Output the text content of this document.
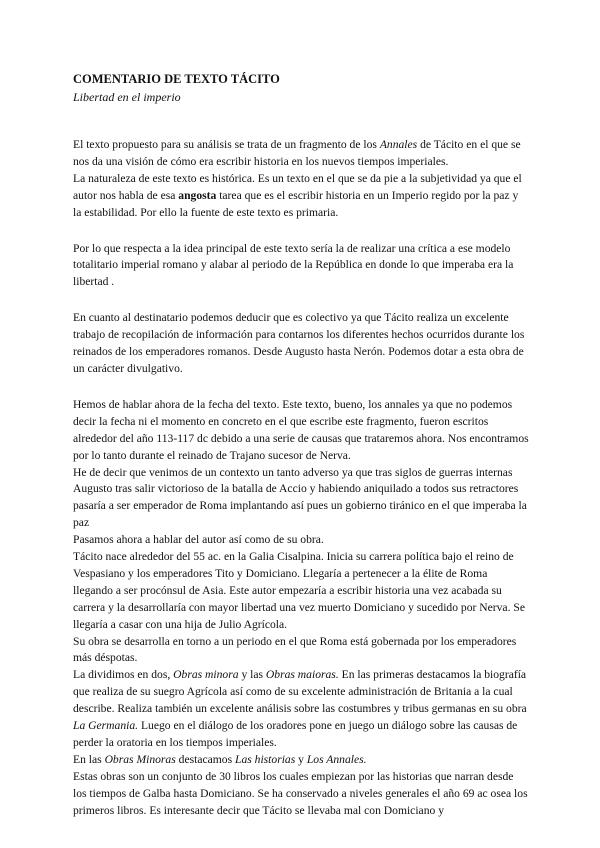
COMENTARIO DE TEXTO TÁCITO

Libertad en el imperio

El texto propuesto para su análisis se trata de un fragmento de los Annales de Tácito en el que se nos da una visión de cómo era escribir historia en los nuevos tiempos imperiales.

La naturaleza de este texto es histórica. Es un texto en el que se da pie a la subjetividad ya que el autor nos habla de esa angosta tarea que es el escribir historia en un Imperio regido por la paz y la estabilidad. Por ello la fuente de este texto es primaria.

Por lo que respecta a la idea principal de este texto sería la de realizar una crítica a ese modelo totalitario imperial romano y alabar al periodo de la República en donde lo que imperaba era la libertad .

En cuanto al destinatario podemos deducir que es colectivo ya que Tácito realiza un excelente trabajo de recopilación de información para contarnos los diferentes hechos ocurridos durante los reinados de los emperadores romanos. Desde Augusto hasta Nerón. Podemos dotar a esta obra de un carácter divulgativo.

Hemos de hablar ahora de la fecha del texto. Este texto, bueno, los annales ya que no podemos decir la fecha ni el momento en concreto en el que escribe este fragmento, fueron escritos alrededor del año 113-117 dc debido a una serie de causas que trataremos ahora. Nos encontramos por lo tanto durante el reinado de Trajano sucesor de Nerva.

He de decir que venimos de un contexto un tanto adverso ya que tras siglos de guerras internas Augusto tras salir victorioso de la batalla de Accio y habiendo aniquilado a todos sus retractores pasaría a ser emperador de Roma implantando así pues un gobierno tiránico en el que imperaba la paz

Pasamos ahora a hablar del autor así como de su obra.

Tácito nace alrededor del 55 ac. en la Galia Cisalpina. Inicia su carrera política bajo el reino de Vespasiano y los emperadores Tito y Domiciano. Llegaría a pertenecer a la élite de Roma llegando a ser procónsul de Asia. Este autor empezaría a escribir historia una vez acabada su carrera y la desarrollaría con mayor libertad una vez muerto Domiciano y sucedido por Nerva. Se llegaría a casar con una hija de Julio Agrícola.

Su obra se desarrolla en torno a un periodo en el que Roma está gobernada por los emperadores más déspotas.

La dividimos en dos, Obras minora y las Obras maioras. En las primeras destacamos la biografía que realiza de su suegro Agrícola así como de su excelente administración de Britania a la cual describe. Realiza también un excelente análisis sobre las costumbres y tribus germanas en su obra La Germania. Luego en el diálogo de los oradores pone en juego un diálogo sobre las causas de perder la oratoria en los tiempos imperiales.

En las Obras Minoras destacamos Las historias y Los Annales.

Estas obras son un conjunto de 30 libros los cuales empiezan por las historias que narran desde los tiempos de Galba hasta Domiciano. Se ha conservado a niveles generales el año 69 ac osea los primeros libros. Es interesante decir que Tácito se llevaba mal con Domiciano y
